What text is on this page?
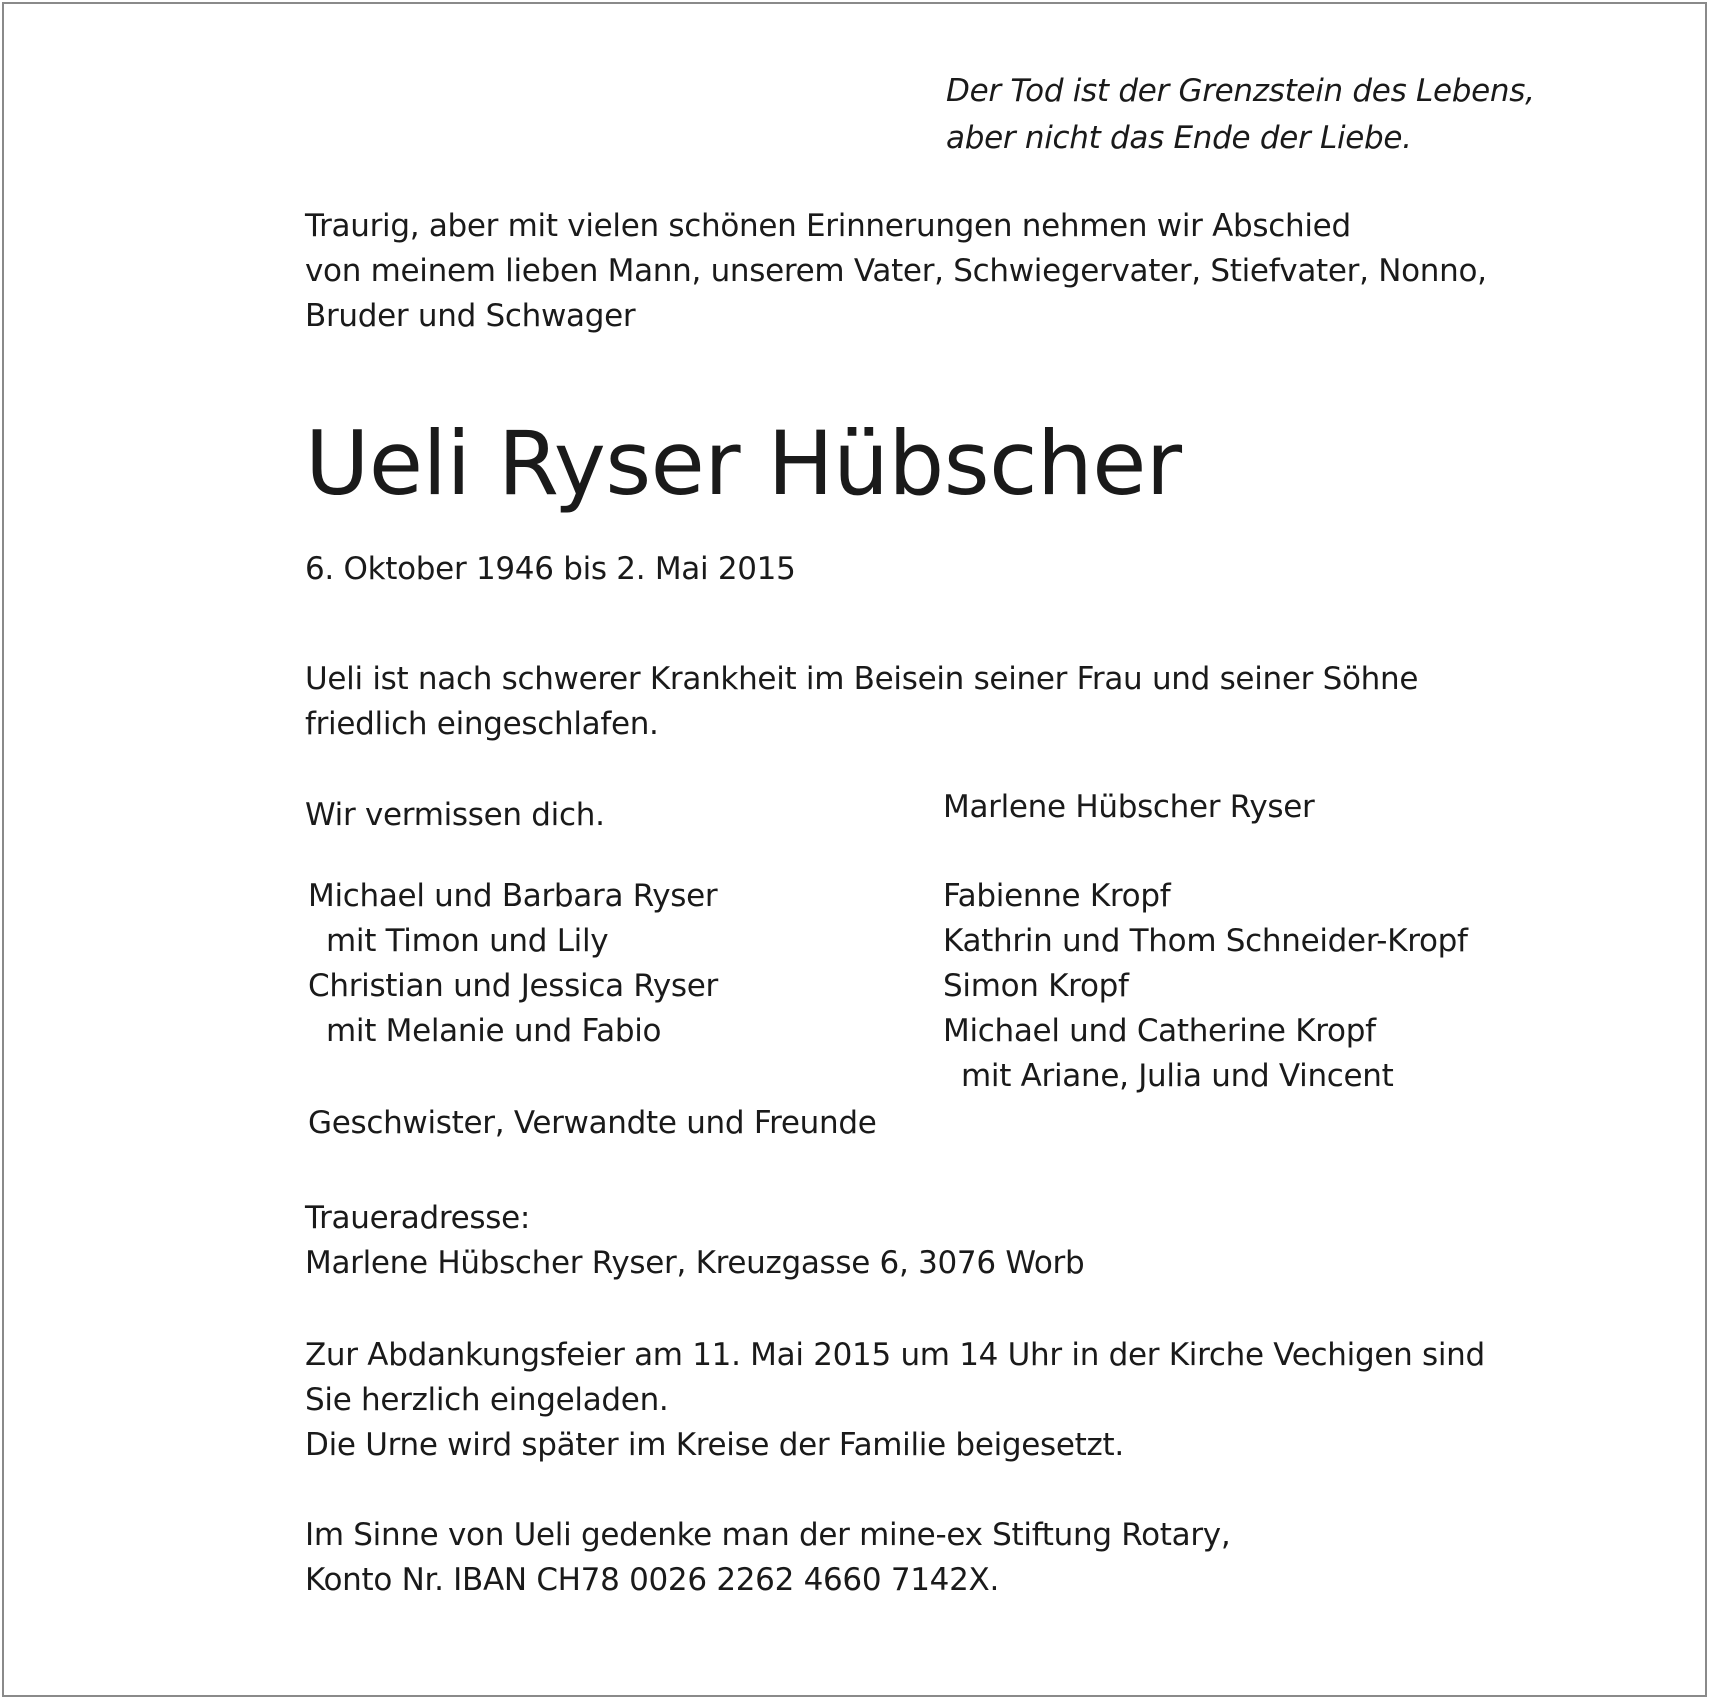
Der Tod ist der Grenzstein des Lebens,
aber nicht das Ende der Liebe.
Traurig, aber mit vielen schönen Erinnerungen nehmen wir Abschied
von meinem lieben Mann, unserem Vater, Schwiegervater, Stiefvater, Nonno,
Bruder und Schwager
Ueli Ryser Hübscher
6. Oktober 1946 bis 2. Mai 2015
Ueli ist nach schwerer Krankheit im Beisein seiner Frau und seiner Söhne
friedlich eingeschlafen.
Wir vermissen dich.
Michael und Barbara Ryser
mit Timon und Lily
Christian und Jessica Ryser
mit Melanie und Fabio
Geschwister, Verwandte und Freunde
Marlene Hübscher Ryser
Fabienne Kropf
Kathrin und Thom Schneider-Kropf
Simon Kropf
Michael und Catherine Kropf
mit Ariane, Julia und Vincent
Traueradresse:
Marlene Hübscher Ryser, Kreuzgasse 6, 3076 Worb
Zur Abdankungsfeier am 11. Mai 2015 um 14 Uhr in der Kirche Vechigen sind
Sie herzlich eingeladen.
Die Urne wird später im Kreise der Familie beigesetzt.
Im Sinne von Ueli gedenke man der mine-ex Stiftung Rotary,
Konto Nr. IBAN CH78 0026 2262 4660 7142X.
